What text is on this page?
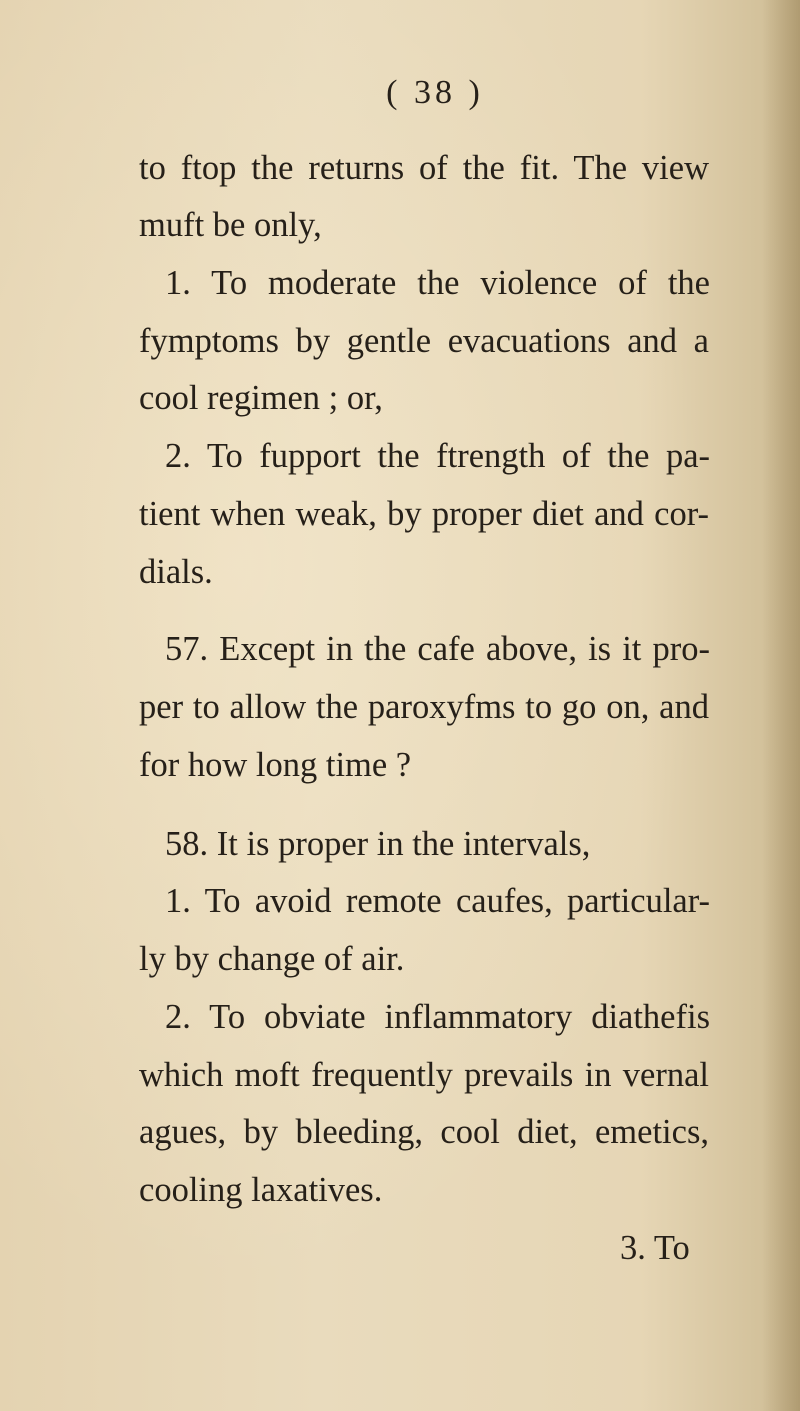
( 38 )
to ftop the returns of the fit. The view
muft be only,
1. To moderate the violence of the
fymptoms by gentle evacuations and a
cool regimen ; or,
2. To fupport the ftrength of the pa-
tient when weak, by proper diet and cor-
dials.
57. Except in the cafe above, is it pro-
per to allow the paroxyfms to go on, and
for how long time ?
58. It is proper in the intervals,
1. To avoid remote caufes, particular-
ly by change of air.
2. To obviate inflammatory diathefis
which moft frequently prevails in vernal
agues, by bleeding, cool diet, emetics,
cooling laxatives.
3. To
